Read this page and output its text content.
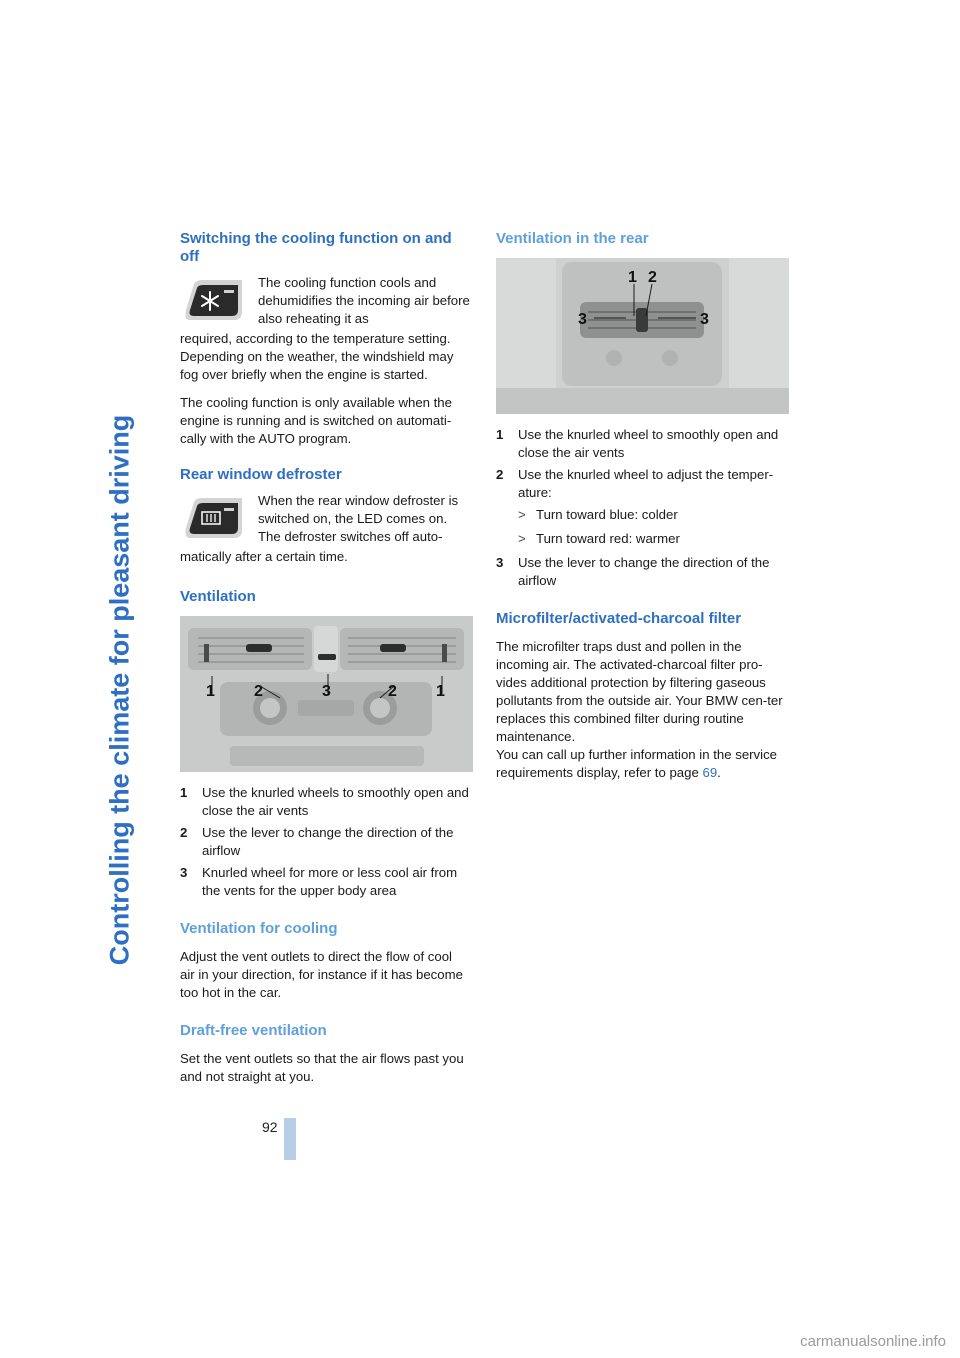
Controlling the climate for pleasant driving
Switching the cooling function on and off
The cooling function cools and dehumidifies the incoming air before also reheating it as

required, according to the temperature setting. Depending on the weather, the windshield may fog over briefly when the engine is started.

The cooling function is only available when the engine is running and is switched on automati-cally with the AUTO program.

Rear window defroster
When the rear window defroster is switched on, the LED comes on. The defroster switches off auto-

matically after a certain time.

Ventilation
1 2	3	2 1
1	Use the knurled wheels to smoothly open and close the air vents
2	Use the lever to change the direction of the airflow
3	Knurled wheel for more or less cool air from the vents for the upper body area
Ventilation for cooling

Adjust the vent outlets to direct the flow of cool air in your direction, for instance if it has become too hot in the car.

Draft-free ventilation

Set the vent outlets so that the air flows past you and not straight at you.

Ventilation in the rear
1 2
3	3
1	Use the knurled wheel to smoothly open and close the air vents
2	Use the knurled wheel to adjust the temper-ature:
> Turn toward blue: colder
> Turn toward red: warmer
3	Use the lever to change the direction of the airflow
Microfilter/activated-charcoal filter

The microfilter traps dust and pollen in the incoming air. The activated-charcoal filter pro-vides additional protection by filtering gaseous pollutants from the outside air. Your BMW cen-ter replaces this combined filter during routine maintenance.

You can call up further information in the service requirements display, refer to page 69.

92
carmanualsonline.info
